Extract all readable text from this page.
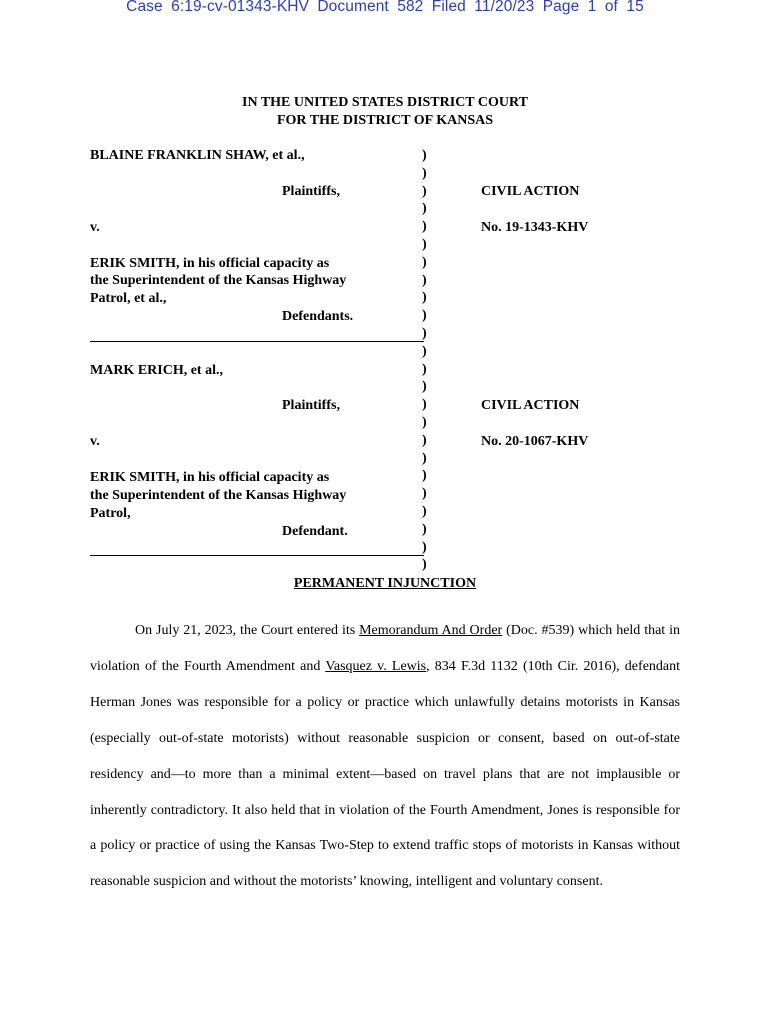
Case 6:19-cv-01343-KHV Document 582 Filed 11/20/23 Page 1 of 15
IN THE UNITED STATES DISTRICT COURT
FOR THE DISTRICT OF KANSAS
BLAINE FRANKLIN SHAW, et al.,
Plaintiffs,
v.
ERIK SMITH, in his official capacity as
the Superintendent of the Kansas Highway
Patrol, et al.,
Defendants.
CIVIL ACTION
No. 19-1343-KHV
MARK ERICH, et al.,
Plaintiffs,
v.
ERIK SMITH, in his official capacity as
the Superintendent of the Kansas Highway
Patrol,
Defendant.
CIVIL ACTION
No. 20-1067-KHV
)
)
)
)
)
)
)
)
)
)
)
)
)
)
)
)
)
)
)
)
)
)
)
)
PERMANENT INJUNCTION

On July 21, 2023, the Court entered its Memorandum And Order (Doc. #539) which held that in violation of the Fourth Amendment and Vasquez v. Lewis, 834 F.3d 1132 (10th Cir. 2016), defendant Herman Jones was responsible for a policy or practice which unlawfully detains motorists in Kansas (especially out-of-state motorists) without reasonable suspicion or consent, based on out-of-state residency and—to more than a minimal extent—based on travel plans that are not implausible or inherently contradictory. It also held that in violation of the Fourth Amendment, Jones is responsible for a policy or practice of using the Kansas Two-Step to extend traffic stops of motorists in Kansas without reasonable suspicion and without the motorists’ knowing, intelligent and voluntary consent.
